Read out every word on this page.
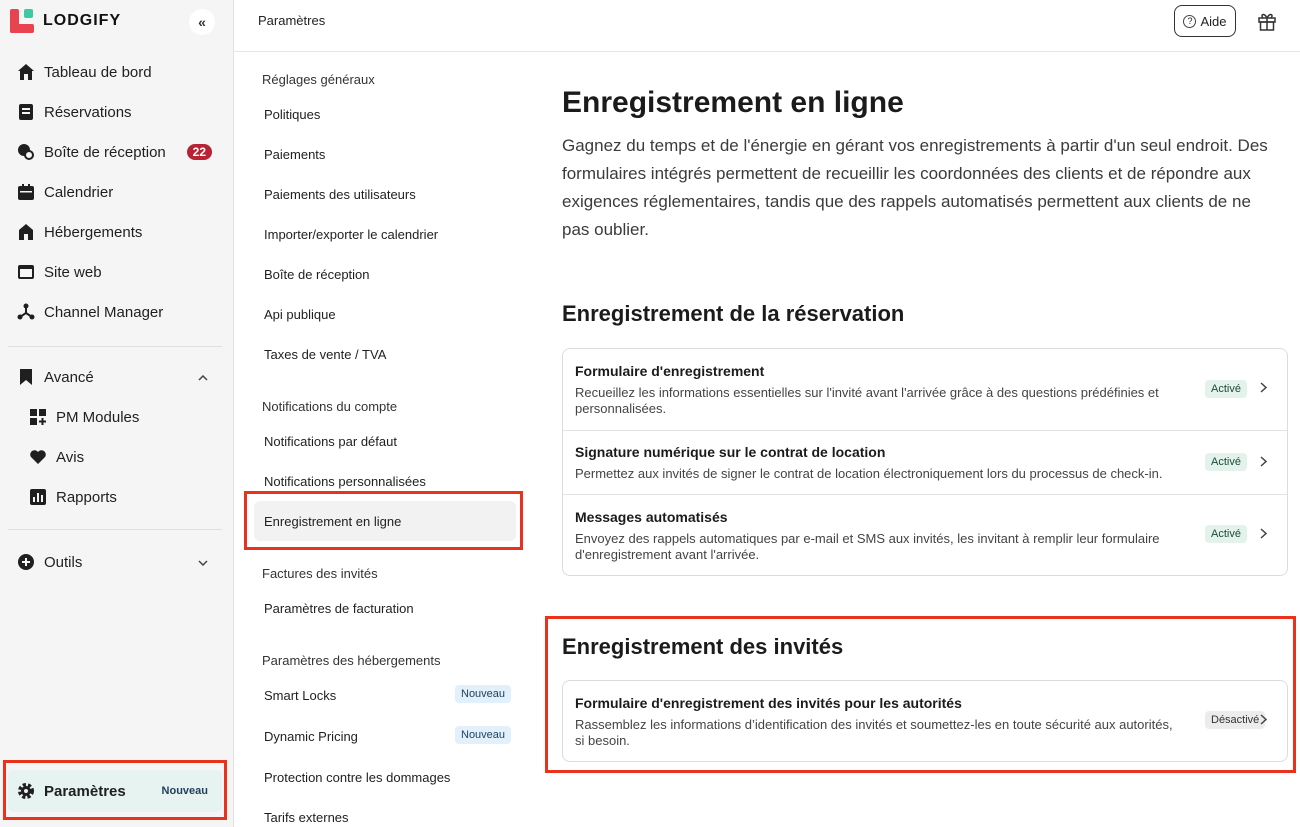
LODGIFY	«
Tableau de bord
Réservations
Boîte de réception	22
Calendrier
Hébergements
Site web
Channel Manager
Avancé
PM Modules
Avis
Rapports
Outils
Paramètres	Nouveau
Paramètres	? Aide
Réglages généraux
Politiques
Paiements
Paiements des utilisateurs
Importer/exporter le calendrier
Boîte de réception
Api publique
Taxes de vente / TVA
Notifications du compte
Notifications par défaut
Notifications personnalisées
Enregistrement en ligne
Factures des invités
Paramètres de facturation
Paramètres des hébergements
Smart Locks	Nouveau
Dynamic Pricing	Nouveau
Protection contre les dommages
Tarifs externes
Enregistrement en ligne

Gagnez du temps et de l'énergie en gérant vos enregistrements à partir d'un seul endroit. Des formulaires intégrés permettent de recueillir les coordonnées des clients et de répondre aux exigences réglementaires, tandis que des rappels automatisés permettent aux clients de ne pas oublier.

Enregistrement de la réservation
Formulaire d'enregistrement
Recueillez les informations essentielles sur l'invité avant l'arrivée grâce à des questions prédéfinies et personnalisées.
Activé
Signature numérique sur le contrat de location
Permettez aux invités de signer le contrat de location électroniquement lors du processus de check-in.
Activé
Messages automatisés
Envoyez des rappels automatiques par e-mail et SMS aux invités, les invitant à remplir leur formulaire d'enregistrement avant l'arrivée.
Activé
Enregistrement des invités
Formulaire d'enregistrement des invités pour les autorités
Rassemblez les informations d’identification des invités et soumettez-les en toute sécurité aux autorités, si besoin.
Désactivé
